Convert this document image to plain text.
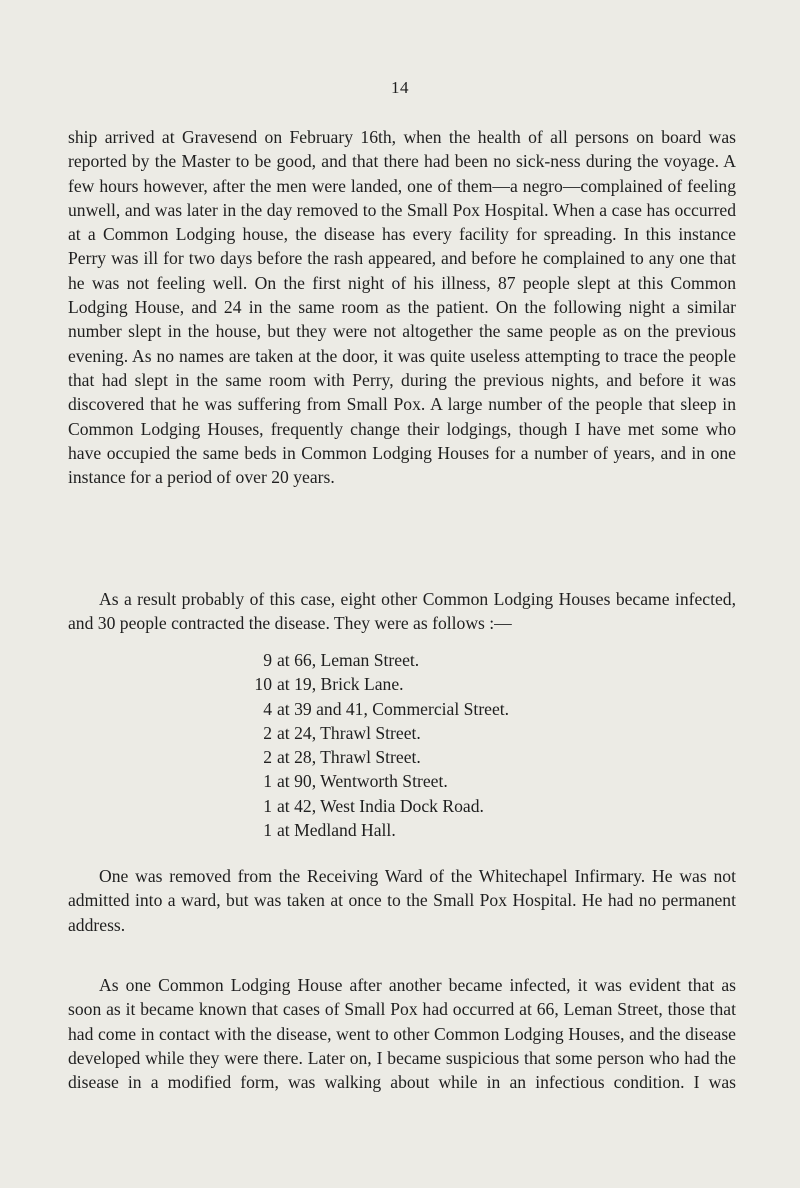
14

ship arrived at Gravesend on February 16th, when the health of all persons on board was reported by the Master to be good, and that there had been no sick-ness during the voyage. A few hours however, after the men were landed, one of them—a negro—complained of feeling unwell, and was later in the day removed to the Small Pox Hospital. When a case has occurred at a Common Lodging house, the disease has every facility for spreading. In this instance Perry was ill for two days before the rash appeared, and before he complained to any one that he was not feeling well. On the first night of his illness, 87 people slept at this Common Lodging House, and 24 in the same room as the patient. On the following night a similar number slept in the house, but they were not altogether the same people as on the previous evening. As no names are taken at the door, it was quite useless attempting to trace the people that had slept in the same room with Perry, during the previous nights, and before it was discovered that he was suffering from Small Pox. A large number of the people that sleep in Common Lodging Houses, frequently change their lodgings, though I have met some who have occupied the same beds in Common Lodging Houses for a number of years, and in one instance for a period of over 20 years.

As a result probably of this case, eight other Common Lodging Houses became infected, and 30 people contracted the disease. They were as follows :—

9 at 66, Leman Street.
10 at 19, Brick Lane.
4 at 39 and 41, Commercial Street.
2 at 24, Thrawl Street.
2 at 28, Thrawl Street.
1 at 90, Wentworth Street.
1 at 42, West India Dock Road.
1 at Medland Hall.

One was removed from the Receiving Ward of the Whitechapel Infirmary. He was not admitted into a ward, but was taken at once to the Small Pox Hospital. He had no permanent address.

As one Common Lodging House after another became infected, it was evident that as soon as it became known that cases of Small Pox had occurred at 66, Leman Street, those that had come in contact with the disease, went to other Common Lodging Houses, and the disease developed while they were there. Later on, I became suspicious that some person who had the disease in a modified form, was walking about while in an infectious condition. I was
